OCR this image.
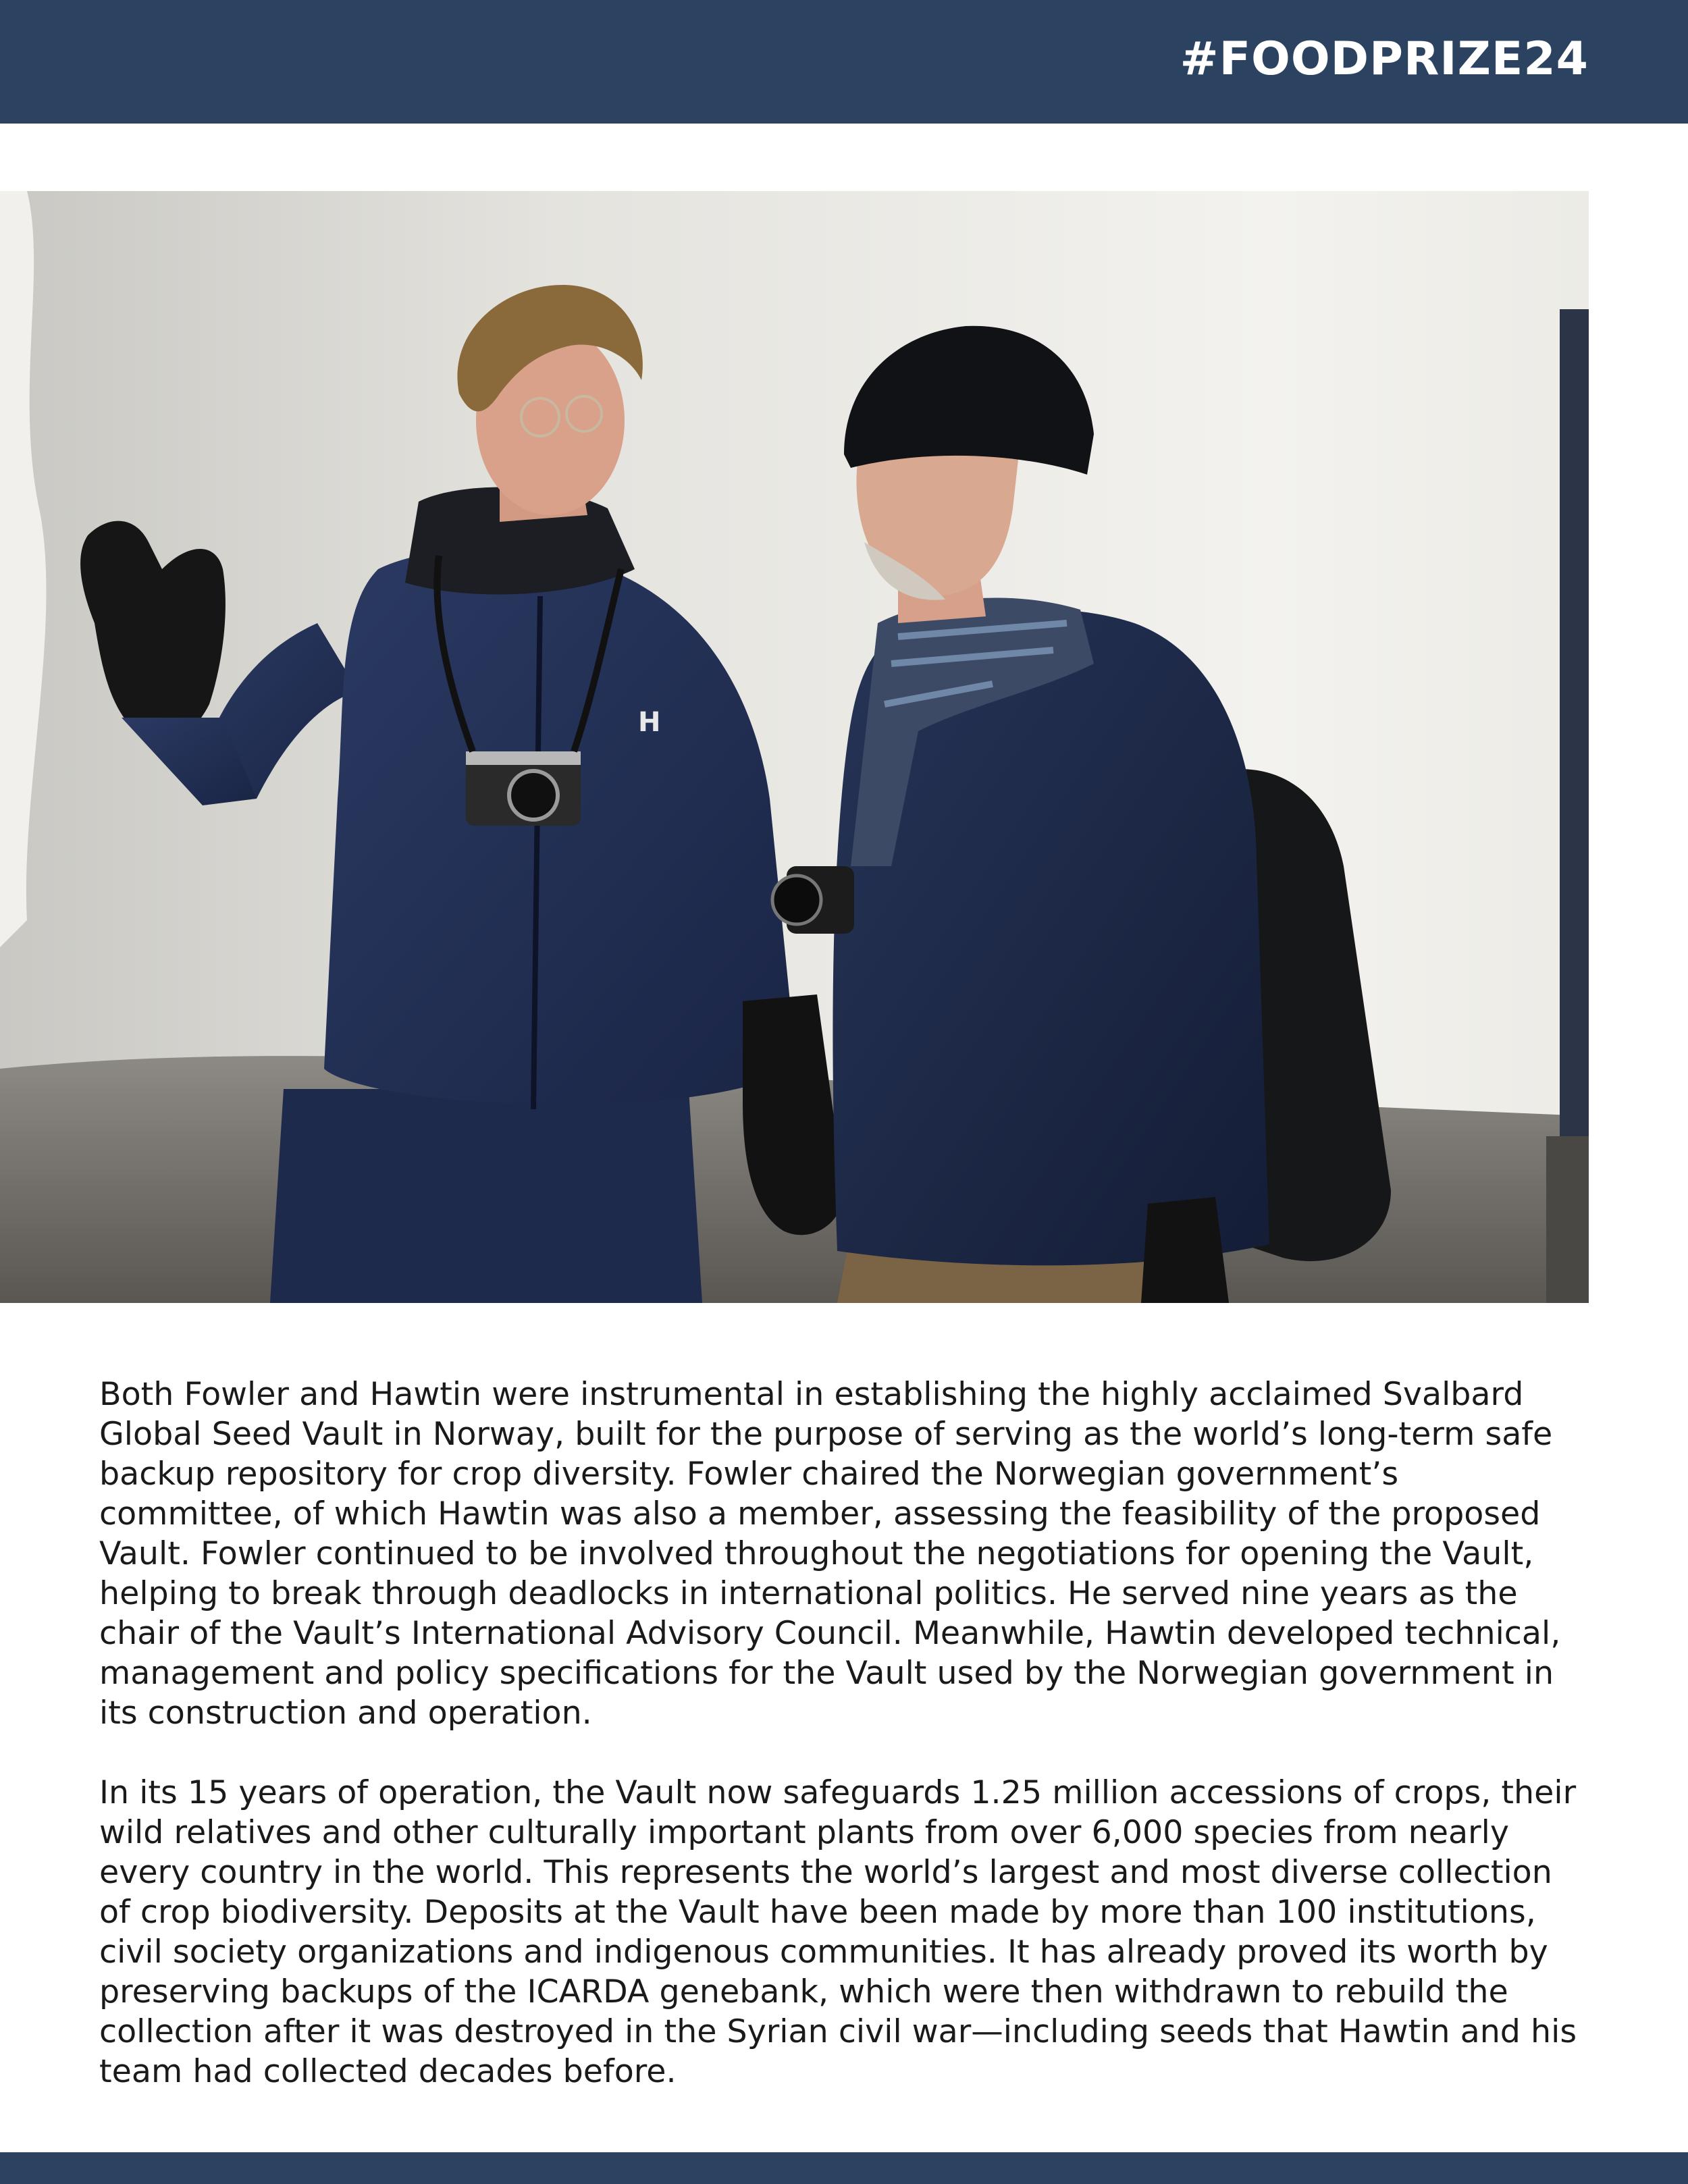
#FOODPRIZE24
H

Both Fowler and Hawtin were instrumental in establishing the highly acclaimed Svalbard Global Seed Vault in Norway, built for the purpose of serving as the world’s long-term safe backup repository for crop diversity. Fowler chaired the Norwegian government’s committee, of which Hawtin was also a member, assessing the feasibility of the proposed Vault. Fowler continued to be involved throughout the negotiations for opening the Vault, helping to break through deadlocks in international politics. He served nine years as the chair of the Vault’s International Advisory Council. Meanwhile, Hawtin developed technical, management and policy specifications for the Vault used by the Norwegian government in its construction and operation.

In its 15 years of operation, the Vault now safeguards 1.25 million accessions of crops, their wild relatives and other culturally important plants from over 6,000 species from nearly every country in the world. This represents the world’s largest and most diverse collection of crop biodiversity. Deposits at the Vault have been made by more than 100 institutions, civil society organizations and indigenous communities. It has already proved its worth by preserving backups of the ICARDA genebank, which were then withdrawn to rebuild the collection after it was destroyed in the Syrian civil war—including seeds that Hawtin and his team had collected decades before.
